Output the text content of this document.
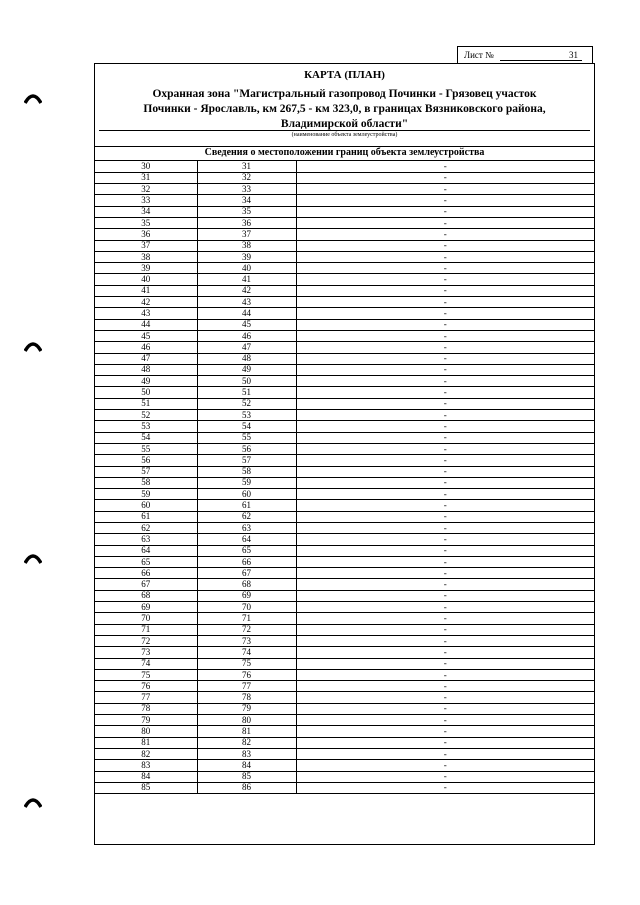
Лист №	31
КАРТА (ПЛАН)
Охранная зона "Магистральный газопровод Починки - Грязовец участок
Починки - Ярославль, км 267,5 - км 323,0, в границах Вязниковского района,
Владимирской области"
(наименование объекта землеустройства)
Сведения о местоположении границ объекта землеустройства
30	31	-
31	32	-
32	33	-
33	34	-
34	35	-
35	36	-
36	37	-
37	38	-
38	39	-
39	40	-
40	41	-
41	42	-
42	43	-
43	44	-
44	45	-
45	46	-
46	47	-
47	48	-
48	49	-
49	50	-
50	51	-
51	52	-
52	53	-
53	54	-
54	55	-
55	56	-
56	57	-
57	58	-
58	59	-
59	60	-
60	61	-
61	62	-
62	63	-
63	64	-
64	65	-
65	66	-
66	67	-
67	68	-
68	69	-
69	70	-
70	71	-
71	72	-
72	73	-
73	74	-
74	75	-
75	76	-
76	77	-
77	78	-
78	79	-
79	80	-
80	81	-
81	82	-
82	83	-
83	84	-
84	85	-
85	86	-
